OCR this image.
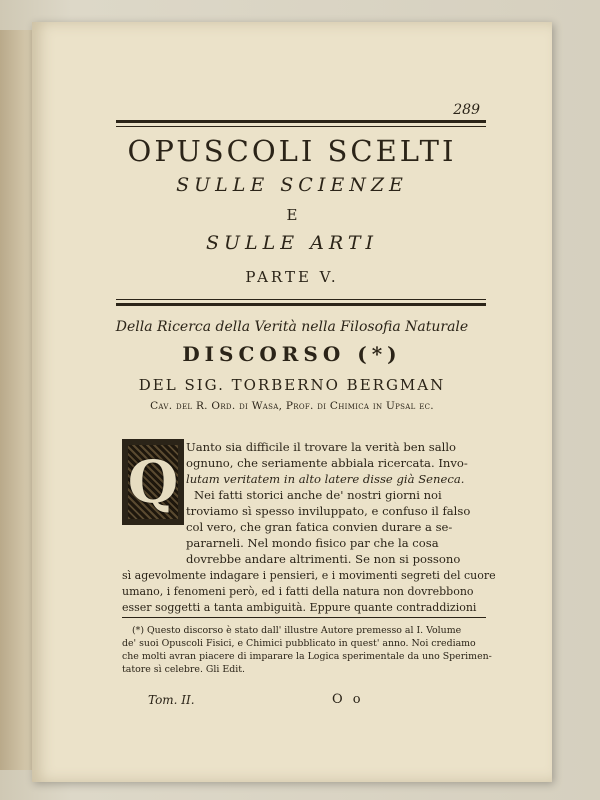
289
OPUSCOLI SCELTI
SULLE SCIENZE
E
SULLE ARTI
PARTE V.
Della Ricerca della Verità nella Filosofia Naturale
DISCORSO (*)
DEL SIG. TORBERNO BERGMAN
Cav. del R. Ord. di Wasa, Prof. di Chimica in Upsal ec.
Q
Uanto sia difficile il trovare la verità ben sallo
ognuno, che seriamente abbiala ricercata. Invo-
lutam veritatem in alto latere disse già Seneca.
Nei fatti storici anche de' nostri giorni noi
troviamo sì spesso inviluppato, e confuso il falso
col vero, che gran fatica convien durare a se-
pararneli. Nel mondo fisico par che la cosa
dovrebbe andare altrimenti. Se non si possono
sì agevolmente indagare i pensieri, e i movimenti segreti del cuore
umano, i fenomeni però, ed i fatti della natura non dovrebbono
esser soggetti a tanta ambiguità. Eppure quante contraddizioni
(*) Questo discorso è stato dall' illustre Autore premesso al I. Volume
de' suoi Opuscoli Fisici, e Chimici pubblicato in quest' anno. Noi crediamo
che molti avran piacere di imparare la Logica sperimentale da uno Sperimen-
tatore sì celebre. Gli Edit.
Tom. II.	O o
